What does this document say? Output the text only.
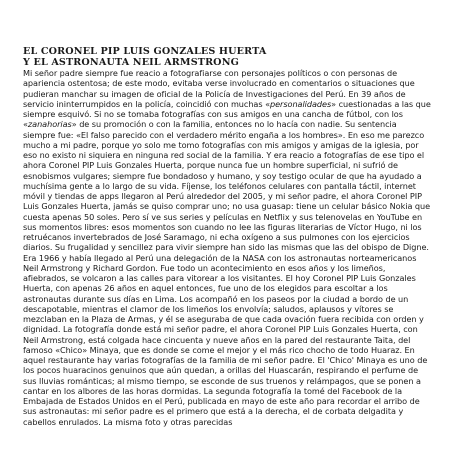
EL CORONEL PIP LUIS GONZALES HUERTA
Y EL ASTRONAUTA NEIL ARMSTRONG

Mi señor padre siempre fue reacio a fotografiarse con personajes políticos o con personas de apariencia ostentosa; de este modo, evitaba verse involucrado en comentarios o situaciones que pudieran manchar su imagen de oficial de la Policía de Investigaciones del Perú. En 39 años de servicio ininterrumpidos en la policía, coincidió con muchas «personalidades» cuestionadas a las que siempre esquivó. Si no se tomaba fotografías con sus amigos en una cancha de fútbol, con los «zanahorias» de su promoción o con la familia, entonces no lo hacía con nadie. Su sentencia siempre fue: «El falso parecido con el verdadero mérito engaña a los hombres». En eso me parezco mucho a mi padre, porque yo solo me tomo fotografías con mis amigos y amigas de la iglesia, por eso no existo ni siquiera en ninguna red social de la familia. Y era reacio a fotografías de ese tipo el ahora Coronel PIP Luis Gonzales Huerta, porque nunca fue un hombre superficial, ni sufrió de esnobismos vulgares; siempre fue bondadoso y humano, y soy testigo ocular de que ha ayudado a muchísima gente a lo largo de su vida. Fíjense, los teléfonos celulares con pantalla táctil, internet móvil y tiendas de apps llegaron al Perú alrededor del 2005, y mi señor padre, el ahora Coronel PIP Luis Gonzales Huerta, jamás se quiso comprar uno; no usa guasap: tiene un celular básico Nokia que cuesta apenas 50 soles. Pero sí ve sus series y películas en Netflix y sus telenovelas en YouTube en sus momentos libres: esos momentos son cuando no lee las figuras literarias de Víctor Hugo, ni los retruécanos invertebrados de José Saramago, ni echa oxígeno a sus pulmones con los ejercicios diarios. Su frugalidad y sencillez para vivir siempre han sido las mismas que las del obispo de Digne. Era 1966 y había llegado al Perú una delegación de la NASA con los astronautas norteamericanos Neil Armstrong y Richard Gordon. Fue todo un acontecimiento en esos años y los limeños, afiebrados, se volcaron a las calles para vitorear a los visitantes. El hoy Coronel PIP Luis Gonzales Huerta, con apenas 26 años en aquel entonces, fue uno de los elegidos para escoltar a los astronautas durante sus días en Lima. Los acompañó en los paseos por la ciudad a bordo de un descapotable, mientras el clamor de los limeños los envolvía; saludos, aplausos y vítores se mezclaban en la Plaza de Armas, y él se aseguraba de que cada ovación fuera recibida con orden y dignidad. La fotografía donde está mi señor padre, el ahora Coronel PIP Luis Gonzales Huerta, con Neil Armstrong, está colgada hace cincuenta y nueve años en la pared del restaurante Taita, del famoso «Chico» Minaya, que es donde se come el mejor y el más rico chocho de todo Huaraz. En aquel restaurante hay varias fotografías de la familia de mi señor padre. El 'Chico' Minaya es uno de los pocos huaracinos genuinos que aún quedan, a orillas del Huascarán, respirando el perfume de sus lluvias románticas; al mismo tiempo, se esconde de sus truenos y relámpagos, que se ponen a cantar en los albores de las horas dormidas. La segunda fotografía la tomé del Facebook de la Embajada de Estados Unidos en el Perú, publicada en mayo de este año para recordar el arribo de sus astronautas: mi señor padre es el primero que está a la derecha, el de corbata delgadita y cabellos enrulados. La misma foto y otras parecidas
